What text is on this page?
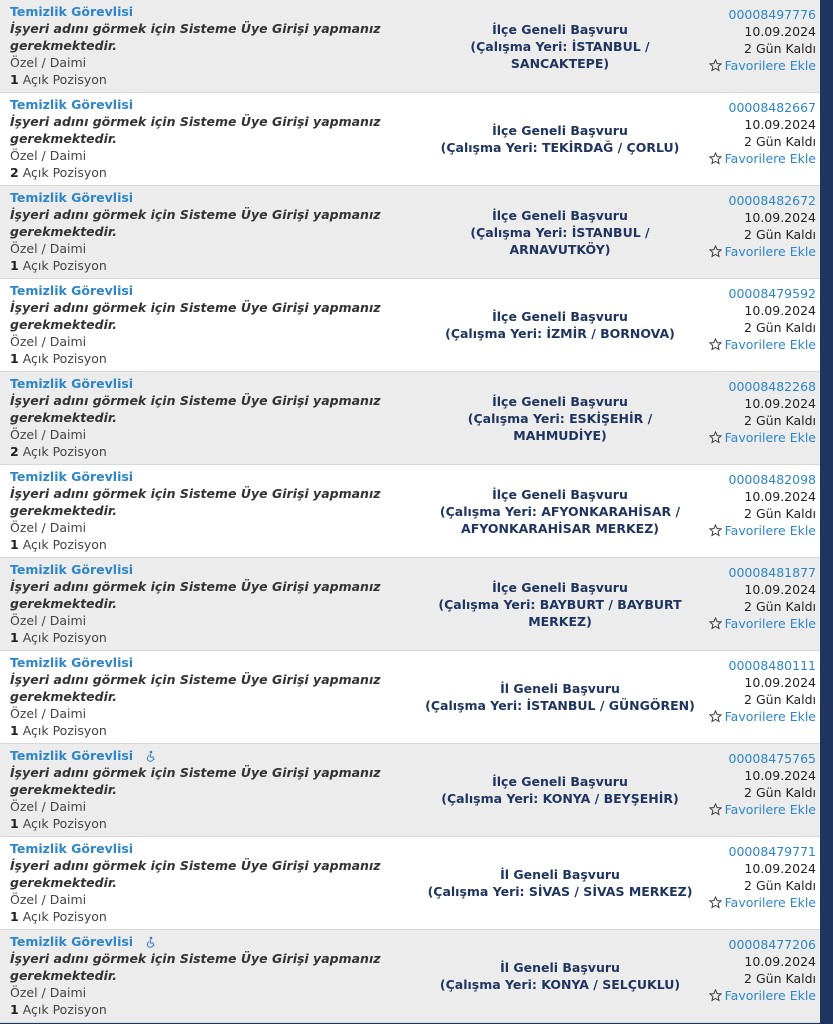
Temizlik Görevlisi
İşyeri adını görmek için Sisteme Üye Girişi yapmanız gerekmektedir.
Özel / Daimi
1 Açık Pozisyon
İlçe Geneli Başvuru
(Çalışma Yeri: İSTANBUL / SANCAKTEPE)
00008497776
10.09.2024
2 Gün Kaldı
Favorilere Ekle
Temizlik Görevlisi
İşyeri adını görmek için Sisteme Üye Girişi yapmanız gerekmektedir.
Özel / Daimi
2 Açık Pozisyon
İlçe Geneli Başvuru
(Çalışma Yeri: TEKİRDAĞ / ÇORLU)
00008482667
10.09.2024
2 Gün Kaldı
Favorilere Ekle
Temizlik Görevlisi
İşyeri adını görmek için Sisteme Üye Girişi yapmanız gerekmektedir.
Özel / Daimi
1 Açık Pozisyon
İlçe Geneli Başvuru
(Çalışma Yeri: İSTANBUL / ARNAVUTKÖY)
00008482672
10.09.2024
2 Gün Kaldı
Favorilere Ekle
Temizlik Görevlisi
İşyeri adını görmek için Sisteme Üye Girişi yapmanız gerekmektedir.
Özel / Daimi
1 Açık Pozisyon
İlçe Geneli Başvuru
(Çalışma Yeri: İZMİR / BORNOVA)
00008479592
10.09.2024
2 Gün Kaldı
Favorilere Ekle
Temizlik Görevlisi
İşyeri adını görmek için Sisteme Üye Girişi yapmanız gerekmektedir.
Özel / Daimi
2 Açık Pozisyon
İlçe Geneli Başvuru
(Çalışma Yeri: ESKİŞEHİR / MAHMUDİYE)
00008482268
10.09.2024
2 Gün Kaldı
Favorilere Ekle
Temizlik Görevlisi
İşyeri adını görmek için Sisteme Üye Girişi yapmanız gerekmektedir.
Özel / Daimi
1 Açık Pozisyon
İlçe Geneli Başvuru
(Çalışma Yeri: AFYONKARAHİSAR / AFYONKARAHİSAR MERKEZ)
00008482098
10.09.2024
2 Gün Kaldı
Favorilere Ekle
Temizlik Görevlisi
İşyeri adını görmek için Sisteme Üye Girişi yapmanız gerekmektedir.
Özel / Daimi
1 Açık Pozisyon
İlçe Geneli Başvuru
(Çalışma Yeri: BAYBURT / BAYBURT MERKEZ)
00008481877
10.09.2024
2 Gün Kaldı
Favorilere Ekle
Temizlik Görevlisi
İşyeri adını görmek için Sisteme Üye Girişi yapmanız gerekmektedir.
Özel / Daimi
1 Açık Pozisyon
İl Geneli Başvuru
(Çalışma Yeri: İSTANBUL / GÜNGÖREN)
00008480111
10.09.2024
2 Gün Kaldı
Favorilere Ekle
Temizlik Görevlisi
İşyeri adını görmek için Sisteme Üye Girişi yapmanız gerekmektedir.
Özel / Daimi
1 Açık Pozisyon
İlçe Geneli Başvuru
(Çalışma Yeri: KONYA / BEYŞEHİR)
00008475765
10.09.2024
2 Gün Kaldı
Favorilere Ekle
Temizlik Görevlisi
İşyeri adını görmek için Sisteme Üye Girişi yapmanız gerekmektedir.
Özel / Daimi
1 Açık Pozisyon
İl Geneli Başvuru
(Çalışma Yeri: SİVAS / SİVAS MERKEZ)
00008479771
10.09.2024
2 Gün Kaldı
Favorilere Ekle
Temizlik Görevlisi
İşyeri adını görmek için Sisteme Üye Girişi yapmanız gerekmektedir.
Özel / Daimi
1 Açık Pozisyon
İl Geneli Başvuru
(Çalışma Yeri: KONYA / SELÇUKLU)
00008477206
10.09.2024
2 Gün Kaldı
Favorilere Ekle
